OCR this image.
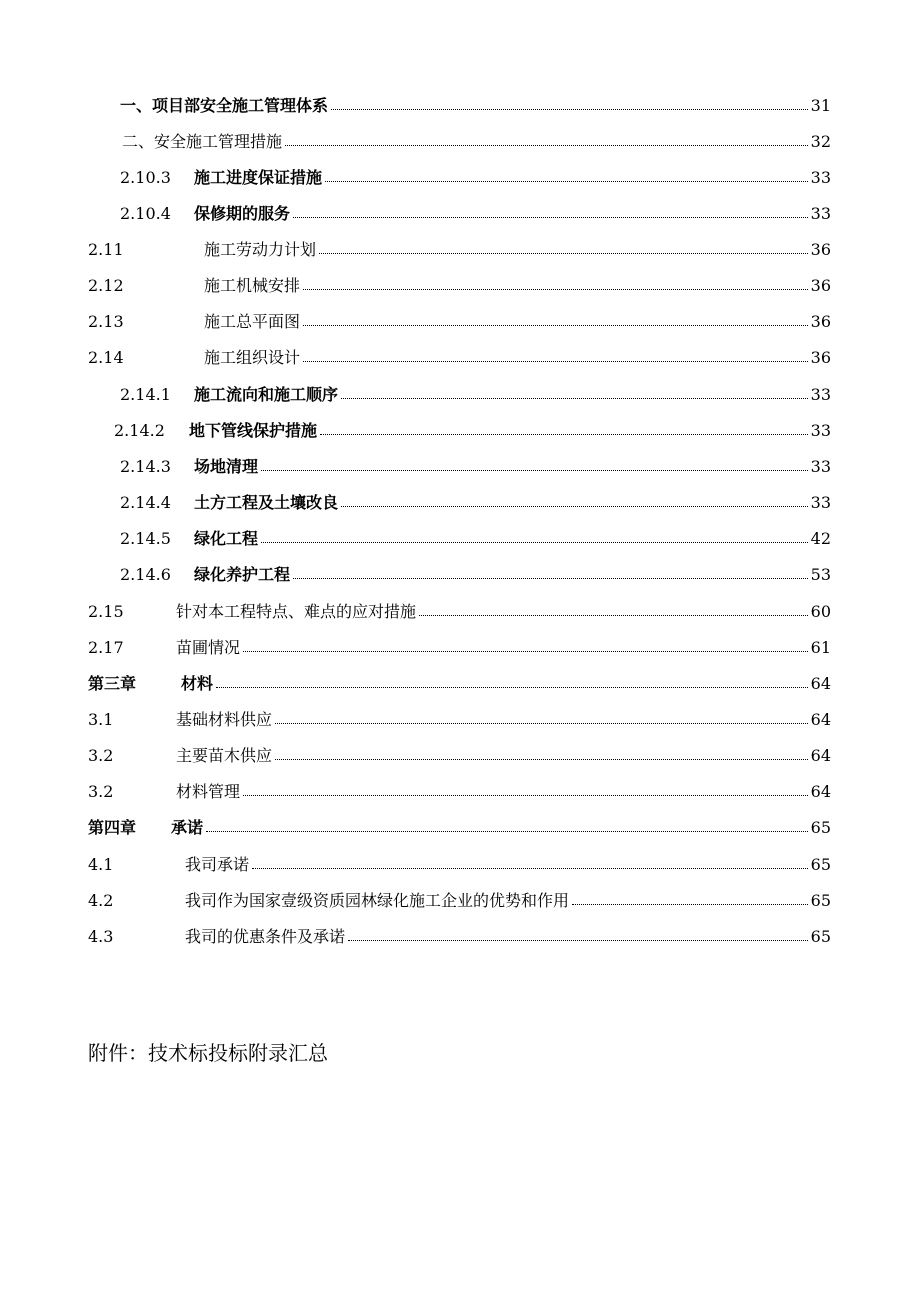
一、项目部安全施工管理体系	31
二、安全施工管理措施	32
2.10.3 施工进度保证措施	33
2.10.4 保修期的服务	33
2.11	施工劳动力计划	36
2.12	施工机械安排	36
2.13	施工总平面图	36
2.14	施工组织设计	36
2.14.1 施工流向和施工顺序	33
2.14.2 地下管线保护措施	33
2.14.3 场地清理	33
2.14.4 土方工程及土壤改良	33
2.14.5 绿化工程	42
2.14.6 绿化养护工程	53
2.15	针对本工程特点、难点的应对措施	60
2.17	苗圃情况	61
第三章	材料	64
3.1	基础材料供应	64
3.2	主要苗木供应	64
3.2	材料管理	64
第四章 承诺	65
4.1	我司承诺	65
4.2	我司作为国家壹级资质园林绿化施工企业的优势和作用	65
4.3	我司的优惠条件及承诺	65
附件：技术标投标附录汇总
